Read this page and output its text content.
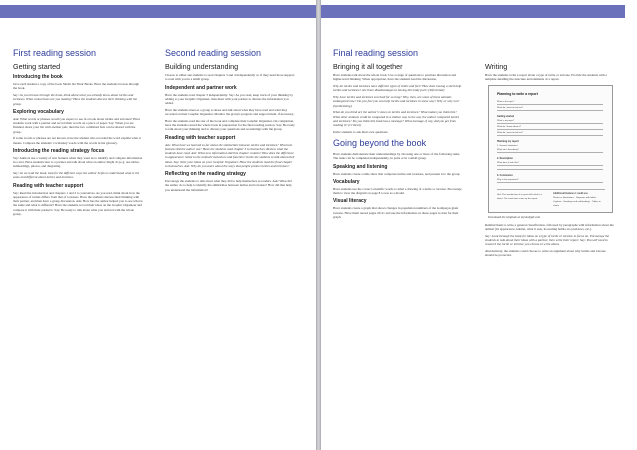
First reading session
Getting started
Introducing the book

Give each student a copy of the book Shells On Their Backs. Have the students browse through the book.

Say: As you browse through the book, think about what you already know about turtles and tortoises. What connections are you making? Have the students discuss their thinking with the group.

Exploring vocabulary

Ask: What words or phrases would you expect to see in a book about turtles and tortoises? Have students work with a partner and record their words on a piece of paper. Say: When you are finished, share your list with another pair, then the two combined lists can be shared with the group.

If some words or phrases are not known, have the student who recorded the word explain what it means. Compare the students' vocabulary words with the words in the glossary.

Introducing the reading strategy focus

Say: Authors use a variety of text features when they want us to identify and compare information in a text. Have students turn to a partner and talk about what an author might do (e.g. use tables, subheadings, photos, and diagrams).

Say: As we read the book, look for the different ways the author helps us understand what is the same and different about turtles and tortoises.

Reading with teacher support

Say: Read the introduction and chapters 1 and 2 to yourselves. As you read, think about how the appearance of turtles differs from that of tortoises. Have the students discuss their thinking with their partner, and then have a group discussion. Ask: How has the author helped you to see what is the same and what is different? Have the students record their ideas on the Graphic Organizer and compare it with their partner's. Say: Be ready to talk about what you noticed with the whole group.

Second reading session
Building understanding

Choose to either ask students to read chapters 3 and 4 independently or, if they need more support, to read with you in a small group.

Independent and partner work

Have the students read chapter 3 independently. Say: As you read, keep track of your thinking by adding to your Graphic Organizer, then meet with your partner to discuss the information you added.

Have the students meet as a group to share and talk about what they have read and what they recorded on their Graphic Organizer. Monitor the group's progress and support them, if necessary.

Have the students read the rest of the book and complete their Graphic Organizer. On completion, have the students reread the whole book in preparation for the final reading session. Say: Be ready to talk about your thinking and to discuss your questions and wonderings with the group.

Reading with teacher support

Ask: What have we learned so far about the similarities between turtles and tortoises? What text features did the author use? Have the students read chapter 3 to themselves. Review what the students have read. Ask: What new information did this chapter contain? How does the difference in appearance relate to the animals' behaviors and function? Invite the students to talk about their ideas. Say: Note your ideas on your Graphic Organizer. Have the students read the final chapter to themselves. Ask: Why do you learn about the ways that people protect turtles and tortoises?

Reflecting on the reading strategy

Encourage the students to talk about what they did to help themselves as readers. Ask: What did the author do to help to identify the similarities between turtles and tortoises? How did that help you understand the information?

Final reading session
Bringing it all together

Have students talk about the whole book. Use a range of questions to promote discussion and higher-level thinking. When appropriate, have the students lead the discussion.

Why do turtles and tortoises have different types of shells and feet? How does having a shell help turtles and tortoises? Are there disadvantages to having this body part? (Inferential)

Why have turtles and tortoises survived for so long? Why, then, are some of these animals endangered now? Do you feel you can help turtles and tortoises in some way? Why or why not? (Synthesizing)

What do you think are the author's views on turtles and tortoises? What makes you think this? What other animals could be compared in a similar way to the way the author compared turtles and tortoises? Do you think this book has a message? What message, if any, did you get from reading it? (Critical)

Invite students to ask their own questions.

Going beyond the book

Have students demonstrate their understandings by choosing one or more of the following tasks. The tasks can be completed independently, in pairs or in a small group.

Speaking and listening

Have students create a slide show that compares turtles and tortoises, and present it to the group.

Vocabulary

Have students use the correct scientific words to label a drawing of a turtle or tortoise. Encourage them to view the diagram on page 8 to use as a model.

Visual literacy

Have students create a graph that shows changes in population numbers of the Galápagos giant tortoise. Have them reread pages 20-21 and use the information on those pages as data for their graph.

Writing

Have the students write a report about a type of turtle or tortoise. Provide the students with a template detailing the structure and elements of a report.

Planning to write a report
What is the topic?
What do I want to find out?
Getting started
What is my topic?
What do I know about it?
What do I want to find out?
Planning my report
1. General statement
What am I describing?
2. Description
What does it look like?
3. Conclusion
Why is this important?
Hint: The introduction of a report tells what it is about. The conclusion sums up the report.
Additional features I could use
Photos or illustrations · Diagrams with labels · Captions · Headings and subheadings · Tables or charts
Download the template at mystudypit.com

Remind them to write a general classification, followed by paragraphs with information about the animal (its appearance, habitat, what it eats, its nesting habits, its predators, etc.).

Say: Look through the book for ideas on a type of turtle or tortoise to focus on. Encourage the students to talk about their ideas with a partner, then write their report. Say: You will need to research the turtle or tortoise you choose to write about.

Alternatively, the students could choose to write an argument about why turtles and tortoise should be protected.
